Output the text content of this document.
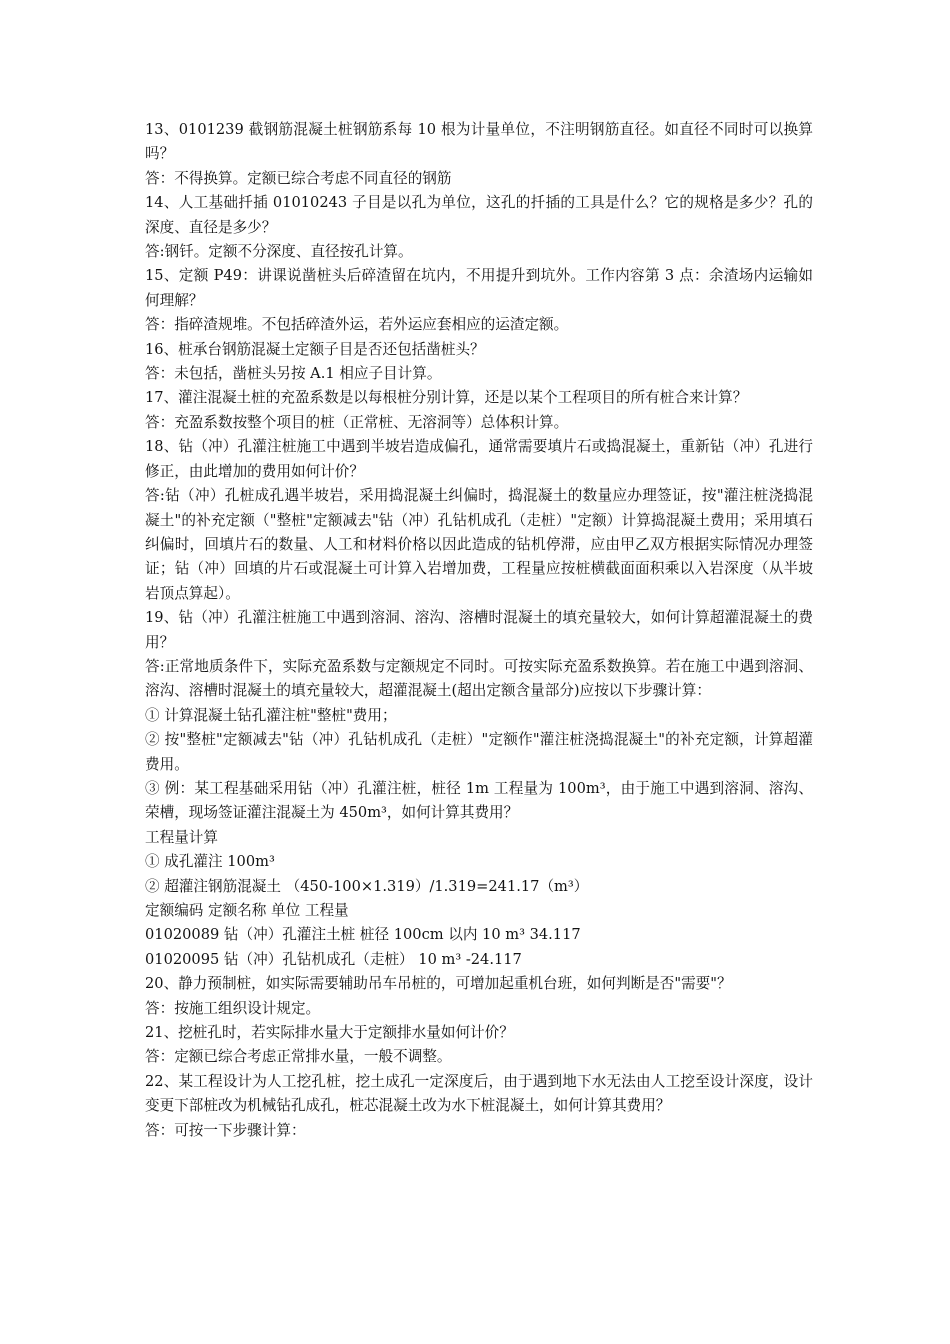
13、0101239 截钢筋混凝土桩钢筋系每 10 根为计量单位，不注明钢筋直径。如直径不同时可以换算吗？

答：不得换算。定额已综合考虑不同直径的钢筋

14、人工基础扦插 01010243 子目是以孔为单位，这孔的扦插的工具是什么？它的规格是多少？孔的深度、直径是多少？

答:钢钎。定额不分深度、直径按孔计算。

15、定额 P49：讲课说凿桩头后碎渣留在坑内，不用提升到坑外。工作内容第 3 点：余渣场内运输如何理解？

答：指碎渣规堆。不包括碎渣外运，若外运应套相应的运渣定额。

16、桩承台钢筋混凝土定额子目是否还包括凿桩头？

答：未包括，凿桩头另按 A.1 相应子目计算。

17、灌注混凝土桩的充盈系数是以每根桩分别计算，还是以某个工程项目的所有桩合来计算？

答：充盈系数按整个项目的桩（正常桩、无溶洞等）总体积计算。

18、钻（冲）孔灌注桩施工中遇到半坡岩造成偏孔，通常需要填片石或捣混凝土，重新钻（冲）孔进行修正，由此增加的费用如何计价？

答:钻（冲）孔桩成孔遇半坡岩，采用捣混凝土纠偏时，捣混凝土的数量应办理签证，按"灌注桩浇捣混凝土"的补充定额（"整桩"定额减去"钻（冲）孔钻机成孔（走桩）"定额）计算捣混凝土费用；采用填石纠偏时，回填片石的数量、人工和材料价格以因此造成的钻机停滞，应由甲乙双方根据实际情况办理签证；钻（冲）回填的片石或混凝土可计算入岩增加费，工程量应按桩横截面面积乘以入岩深度（从半坡岩顶点算起）。

19、钻（冲）孔灌注桩施工中遇到溶洞、溶沟、溶槽时混凝土的填充量较大，如何计算超灌混凝土的费用？

答:正常地质条件下，实际充盈系数与定额规定不同时。可按实际充盈系数换算。若在施工中遇到溶洞、溶沟、溶槽时混凝土的填充量较大，超灌混凝土(超出定额含量部分)应按以下步骤计算：

① 计算混凝土钻孔灌注桩"整桩"费用；

② 按"整桩"定额减去"钻（冲）孔钻机成孔（走桩）"定额作"灌注桩浇捣混凝土"的补充定额，计算超灌费用。

③ 例：某工程基础采用钻（冲）孔灌注桩，桩径 1m 工程量为 100m³，由于施工中遇到溶洞、溶沟、荣槽，现场签证灌注混凝土为 450m³，如何计算其费用？

工程量计算

① 成孔灌注 100m³

② 超灌注钢筋混凝土 （450-100×1.319）/1.319=241.17（m³）

定额编码 定额名称 单位 工程量

01020089 钻（冲）孔灌注土桩 桩径 100cm 以内 10 m³ 34.117

01020095 钻（冲）孔钻机成孔（走桩） 10 m³ -24.117

20、静力预制桩，如实际需要辅助吊车吊桩的，可增加起重机台班，如何判断是否"需要"？

答：按施工组织设计规定。

21、挖桩孔时，若实际排水量大于定额排水量如何计价？

答：定额已综合考虑正常排水量，一般不调整。

22、某工程设计为人工挖孔桩，挖土成孔一定深度后，由于遇到地下水无法由人工挖至设计深度，设计变更下部桩改为机械钻孔成孔，桩芯混凝土改为水下桩混凝土，如何计算其费用？

答：可按一下步骤计算：
